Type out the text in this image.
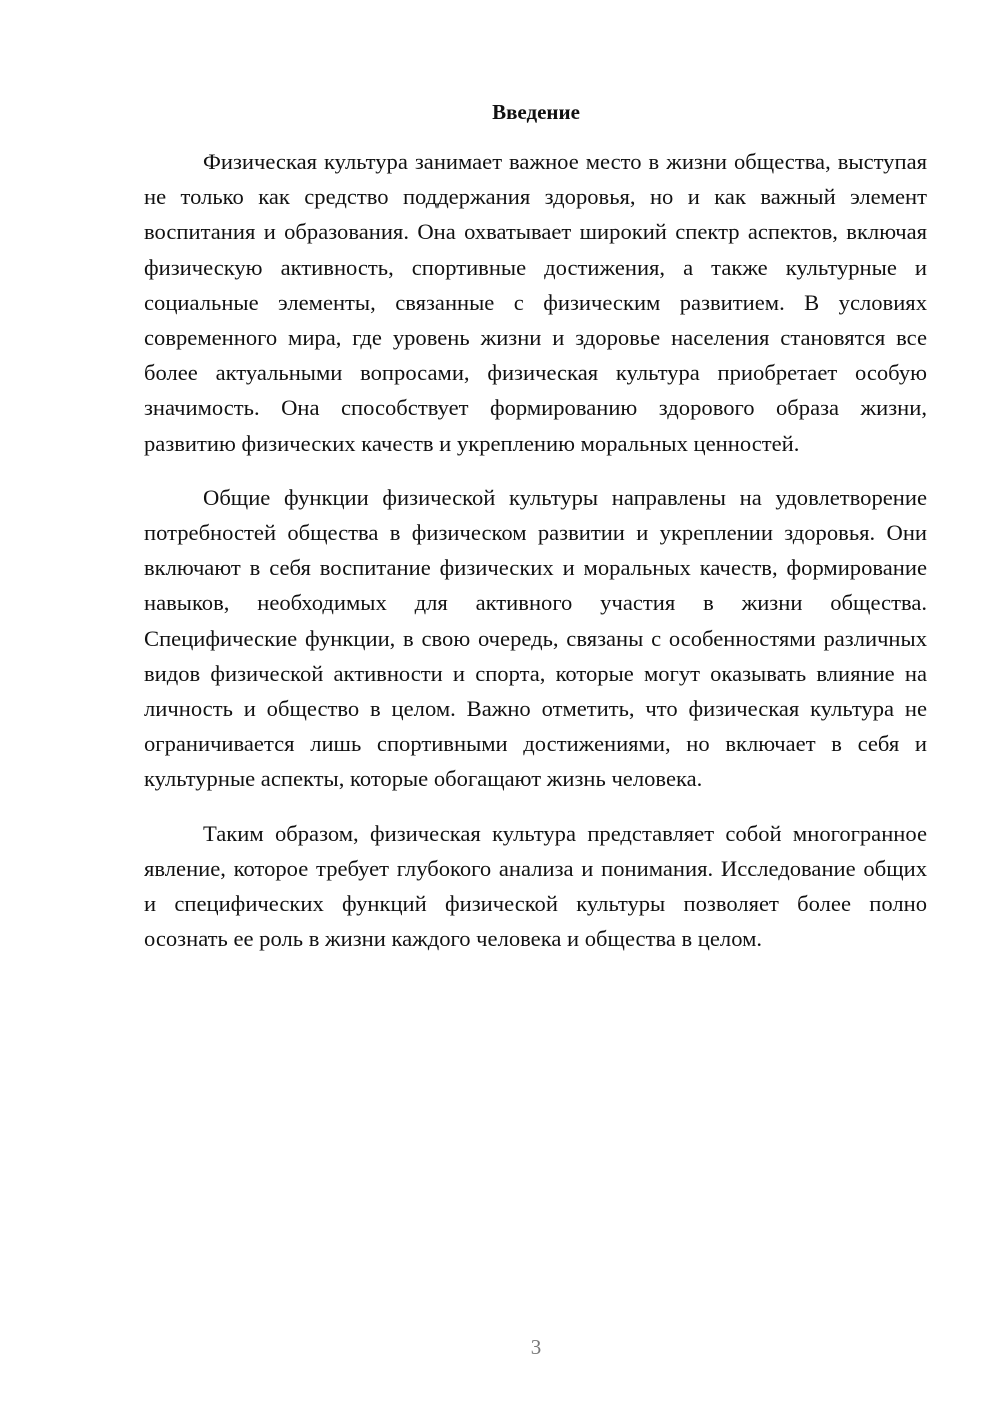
Введение

Физическая культура занимает важное место в жизни общества, выступая не только как средство поддержания здоровья, но и как важный элемент воспитания и образования. Она охватывает широкий спектр аспектов, включая физическую активность, спортивные достижения, а также культурные и социальные элементы, связанные с физическим развитием. В условиях современного мира, где уровень жизни и здоровье населения становятся все более актуальными вопросами, физическая культура приобретает особую значимость. Она способствует формированию здорового образа жизни, развитию физических качеств и укреплению моральных ценностей.

Общие функции физической культуры направлены на удовлетворение потребностей общества в физическом развитии и укреплении здоровья. Они включают в себя воспитание физических и моральных качеств, формирование навыков, необходимых для активного участия в жизни общества. Специфические функции, в свою очередь, связаны с особенностями различных видов физической активности и спорта, которые могут оказывать влияние на личность и общество в целом. Важно отметить, что физическая культура не ограничивается лишь спортивными достижениями, но включает в себя и культурные аспекты, которые обогащают жизнь человека.

Таким образом, физическая культура представляет собой многогранное явление, которое требует глубокого анализа и понимания. Исследование общих и специфических функций физической культуры позволяет более полно осознать ее роль в жизни каждого человека и общества в целом.

3
